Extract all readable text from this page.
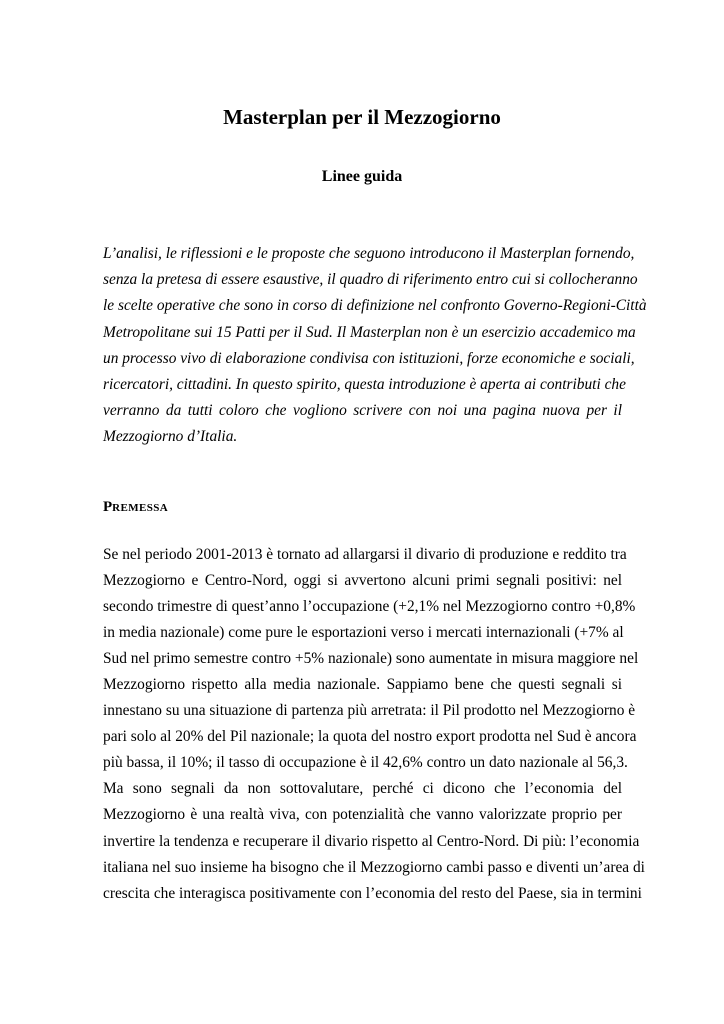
Masterplan per il Mezzogiorno
Linee guida
L’analisi, le riflessioni e le proposte che seguono introducono il Masterplan fornendo,
senza la pretesa di essere esaustive, il quadro di riferimento entro cui si collocheranno
le scelte operative che sono in corso di definizione nel confronto Governo-Regioni-Città
Metropolitane sui 15 Patti per il Sud. Il Masterplan non è un esercizio accademico ma
un processo vivo di elaborazione condivisa con istituzioni, forze economiche e sociali,
ricercatori, cittadini. In questo spirito, questa introduzione è aperta ai contributi che
verranno da tutti coloro che vogliono scrivere con noi una pagina nuova per il
Mezzogiorno d’Italia.
PREMESSA
Se nel periodo 2001-2013 è tornato ad allargarsi il divario di produzione e reddito tra
Mezzogiorno e Centro-Nord, oggi si avvertono alcuni primi segnali positivi: nel
secondo trimestre di quest’anno l’occupazione (+2,1% nel Mezzogiorno contro +0,8%
in media nazionale) come pure le esportazioni verso i mercati internazionali (+7% al
Sud nel primo semestre contro +5% nazionale) sono aumentate in misura maggiore nel
Mezzogiorno rispetto alla media nazionale. Sappiamo bene che questi segnali si
innestano su una situazione di partenza più arretrata: il Pil prodotto nel Mezzogiorno è
pari solo al 20% del Pil nazionale; la quota del nostro export prodotta nel Sud è ancora
più bassa, il 10%; il tasso di occupazione è il 42,6% contro un dato nazionale al 56,3.
Ma sono segnali da non sottovalutare, perché ci dicono che l’economia del
Mezzogiorno è una realtà viva, con potenzialità che vanno valorizzate proprio per
invertire la tendenza e recuperare il divario rispetto al Centro-Nord. Di più: l’economia
italiana nel suo insieme ha bisogno che il Mezzogiorno cambi passo e diventi un’area di
crescita che interagisca positivamente con l’economia del resto del Paese, sia in termini
